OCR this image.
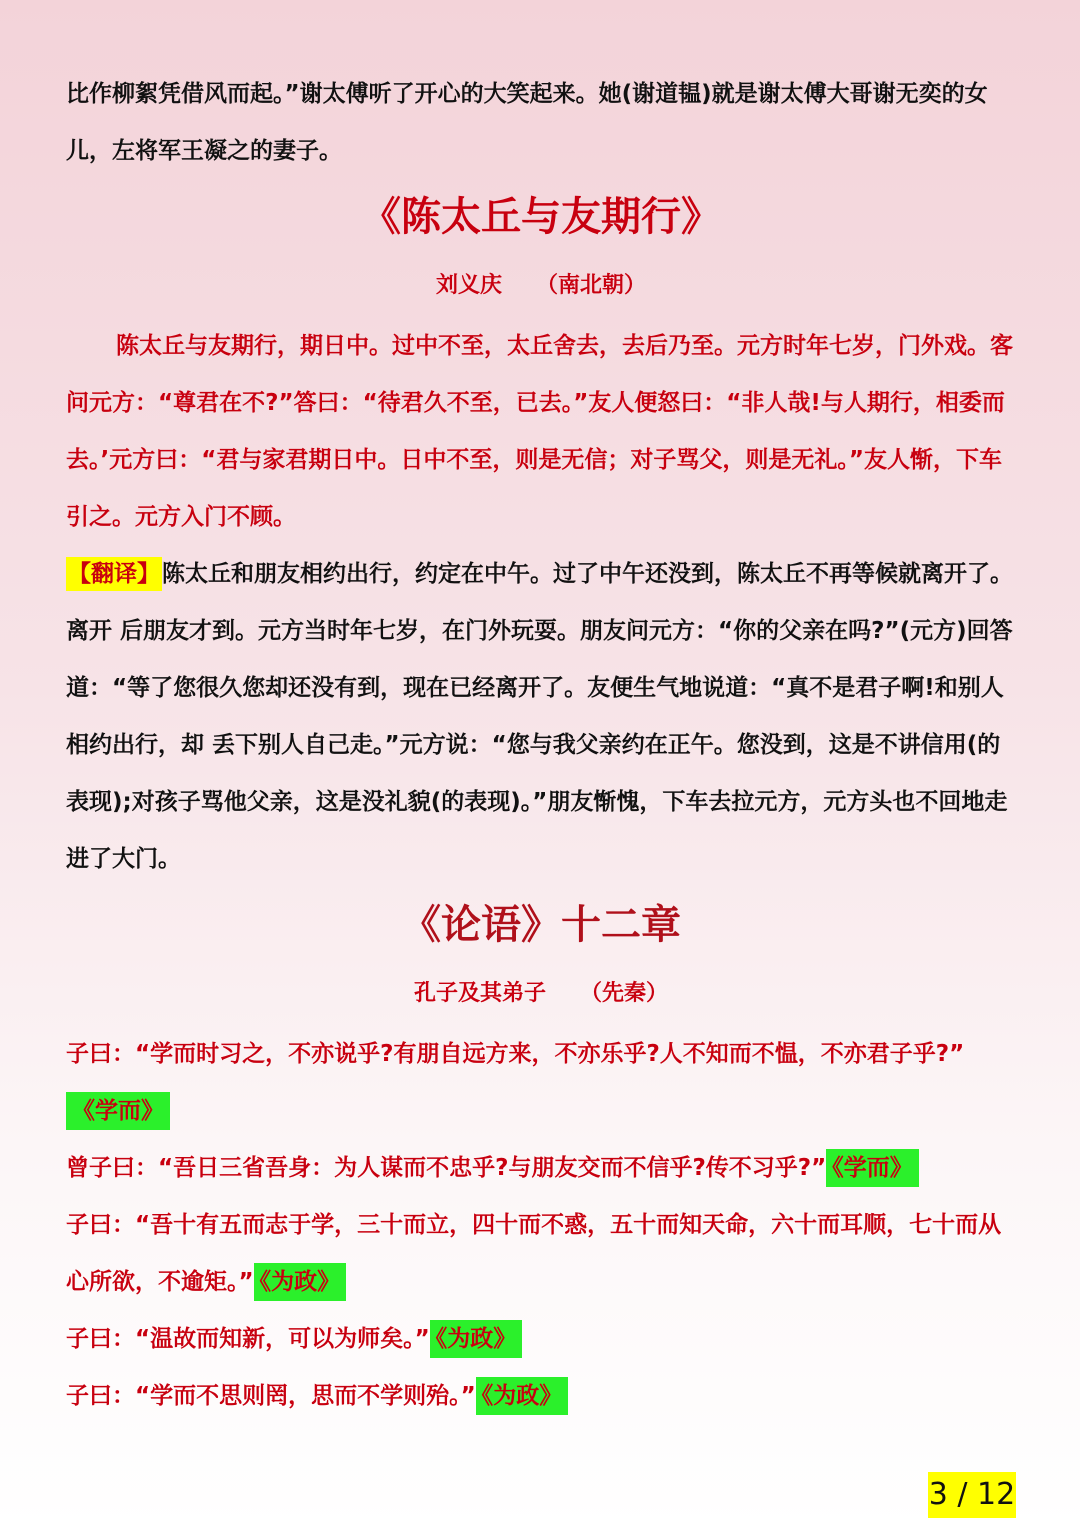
比作柳絮凭借风而起。”谢太傅听了开心的大笑起来。她(谢道韫)就是谢太傅大哥谢无奕的女儿，左将军王凝之的妻子。

《陈太丘与友期行》

刘义庆 （南北朝）

陈太丘与友期行，期日中。过中不至，太丘舍去，去后乃至。元方时年七岁，门外戏。客问元方：“尊君在不?”答曰：“待君久不至，已去。”友人便怒曰：“非人哉!与人期行，相委而去。’元方曰：“君与家君期日中。日中不至，则是无信；对子骂父，则是无礼。”友人惭，下车引之。元方入门不顾。

【翻译】陈太丘和朋友相约出行，约定在中午。过了中午还没到，陈太丘不再等候就离开了。离开 后朋友才到。元方当时年七岁，在门外玩耍。朋友问元方：“你的父亲在吗?”(元方)回答道：“等了您很久您却还没有到，现在已经离开了。友便生气地说道：“真不是君子啊!和别人相约出行，却 丢下别人自己走。”元方说：“您与我父亲约在正午。您没到，这是不讲信用(的表现);对孩子骂他父亲，这是没礼貌(的表现)。”朋友惭愧，下车去拉元方，元方头也不回地走进了大门。

《论语》十二章

孔子及其弟子 （先秦）

子曰：“学而时习之，不亦说乎?有朋自远方来，不亦乐乎?人不知而不愠，不亦君子乎?”
《学而》

曾子曰：“吾日三省吾身：为人谋而不忠乎?与朋友交而不信乎?传不习乎?” 《学而》

子曰：“吾十有五而志于学，三十而立，四十而不惑，五十而知天命，六十而耳顺，七十而从心所欲，不逾矩。” 《为政》

子曰：“温故而知新，可以为师矣。” 《为政》

子曰：“学而不思则罔，思而不学则殆。” 《为政》

3 / 12
